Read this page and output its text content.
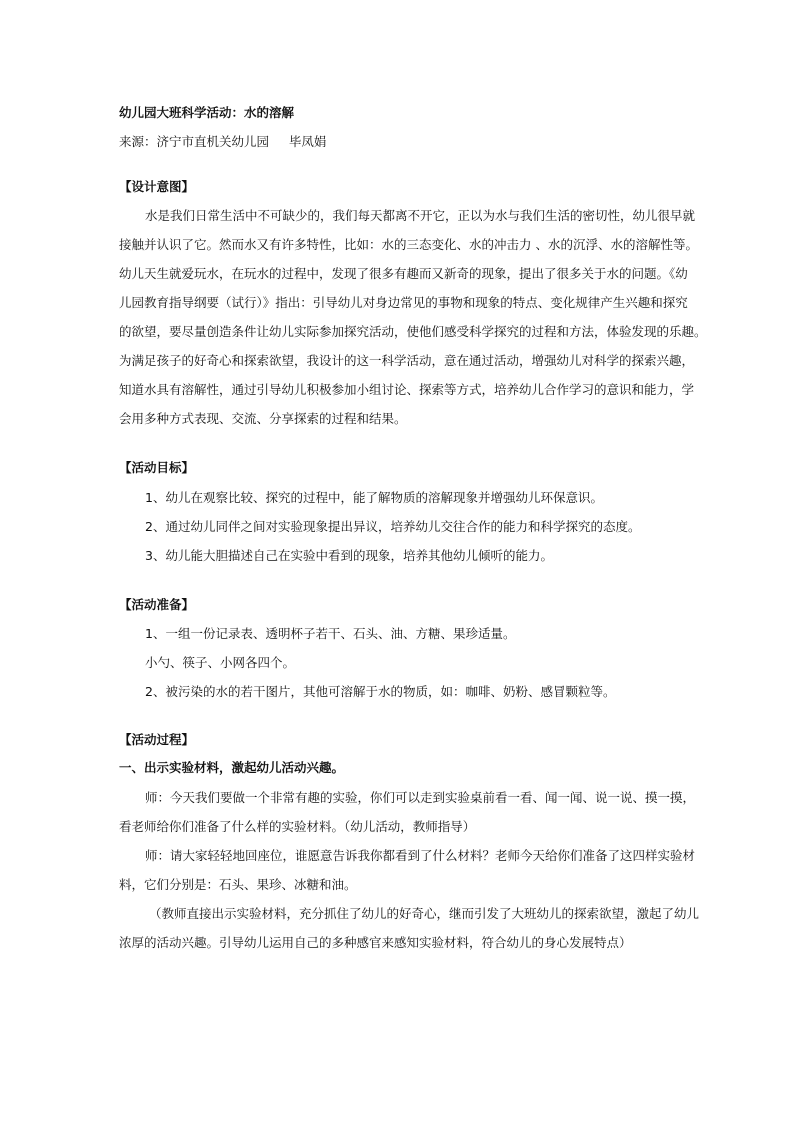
幼儿园大班科学活动：水的溶解
来源：济宁市直机关幼儿园     毕凤娟
【设计意图】
水是我们日常生活中不可缺少的，我们每天都离不开它，正以为水与我们生活的密切性，幼儿很早就
接触并认识了它。然而水又有许多特性，比如：水的三态变化、水的冲击力 、水的沉浮、水的溶解性等。
幼儿天生就爱玩水，在玩水的过程中，发现了很多有趣而又新奇的现象，提出了很多关于水的问题。《幼
儿园教育指导纲要（试行）》指出：引导幼儿对身边常见的事物和现象的特点、变化规律产生兴趣和探究
的欲望，要尽量创造条件让幼儿实际参加探究活动，使他们感受科学探究的过程和方法，体验发现的乐趣。
为满足孩子的好奇心和探索欲望，我设计的这一科学活动，意在通过活动，增强幼儿对科学的探索兴趣，
知道水具有溶解性，通过引导幼儿积极参加小组讨论、探索等方式，培养幼儿合作学习的意识和能力，学
会用多种方式表现、交流、分享探索的过程和结果。
【活动目标】
1、幼儿在观察比较、探究的过程中，能了解物质的溶解现象并增强幼儿环保意识。
2、通过幼儿同伴之间对实验现象提出异议，培养幼儿交往合作的能力和科学探究的态度。
3、幼儿能大胆描述自己在实验中看到的现象，培养其他幼儿倾听的能力。
【活动准备】
1、一组一份记录表、透明杯子若干、石头、油、方糖、果珍适量。
小勺、筷子、小网各四个。
2、被污染的水的若干图片，其他可溶解于水的物质，如：咖啡、奶粉、感冒颗粒等。
【活动过程】
一、出示实验材料，激起幼儿活动兴趣。
师：今天我们要做一个非常有趣的实验，你们可以走到实验桌前看一看、闻一闻、说一说、摸一摸，
看老师给你们准备了什么样的实验材料。（幼儿活动，教师指导）
师：请大家轻轻地回座位，谁愿意告诉我你都看到了什么材料？老师今天给你们准备了这四样实验材
料，它们分别是：石头、果珍、冰糖和油。
（教师直接出示实验材料，充分抓住了幼儿的好奇心，继而引发了大班幼儿的探索欲望，激起了幼儿
浓厚的活动兴趣。引导幼儿运用自己的多种感官来感知实验材料，符合幼儿的身心发展特点）
